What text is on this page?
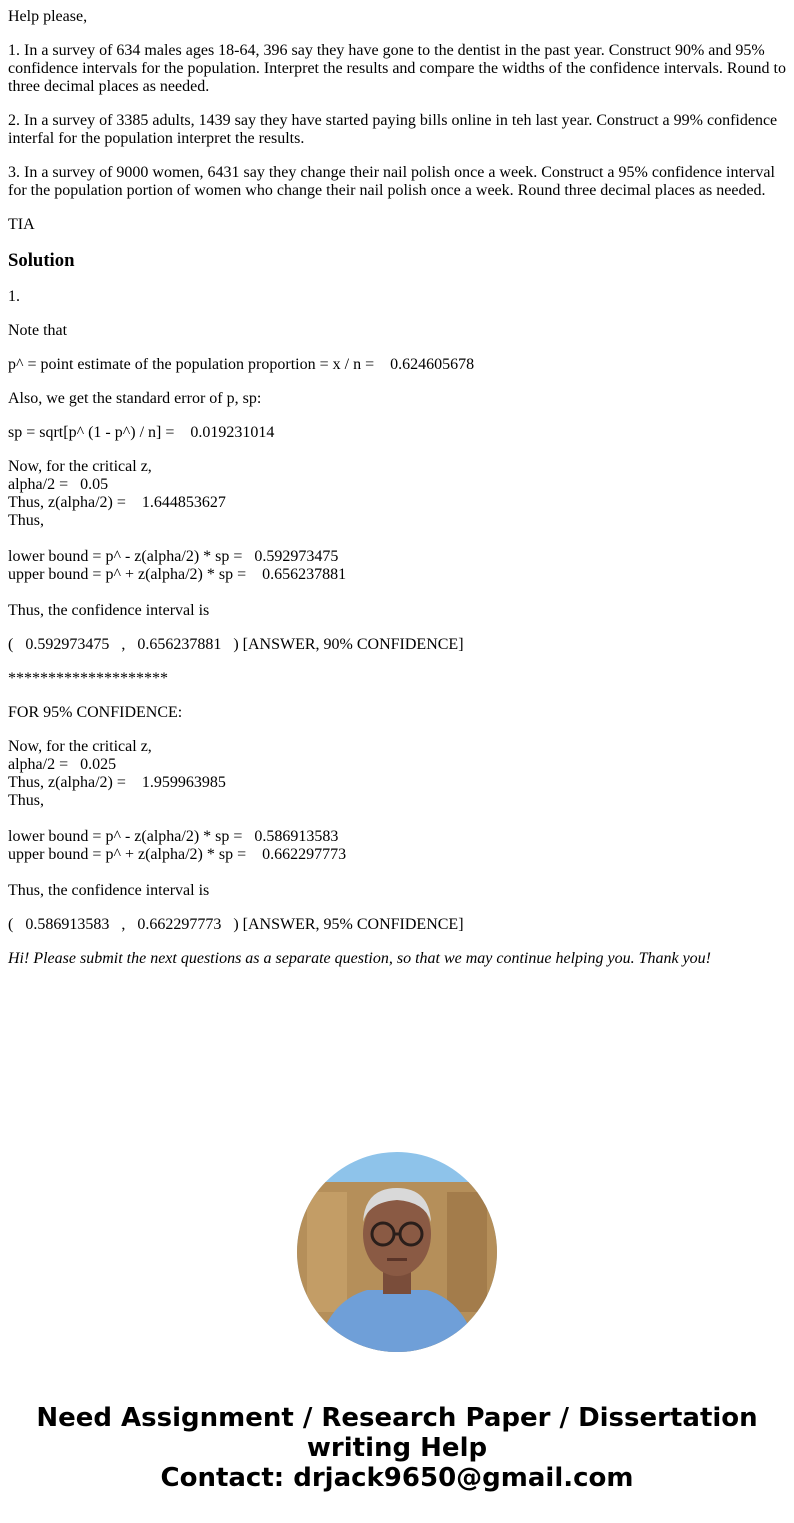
Help please,

1. In a survey of 634 males ages 18-64, 396 say they have gone to the dentist in the past year. Construct 90% and 95% confidence intervals for the population. Interpret the results and compare the widths of the confidence intervals. Round to three decimal places as needed.

2. In a survey of 3385 adults, 1439 say they have started paying bills online in teh last year. Construct a 99% confidence interfal for the population interpret the results.

3. In a survey of 9000 women, 6431 say they change their nail polish once a week. Construct a 95% confidence interval for the population portion of women who change their nail polish once a week. Round three decimal places as needed.

TIA

Solution

1.

Note that

p^ = point estimate of the population proportion = x / n =    0.624605678

Also, we get the standard error of p, sp:

sp = sqrt[p^ (1 - p^) / n] =    0.019231014

Now, for the critical z,
alpha/2 =   0.05
Thus, z(alpha/2) =    1.644853627
Thus,
lower bound = p^ - z(alpha/2) * sp =   0.592973475
upper bound = p^ + z(alpha/2) * sp =    0.656237881

Thus, the confidence interval is

(   0.592973475   ,   0.656237881   ) [ANSWER, 90% CONFIDENCE]

********************

FOR 95% CONFIDENCE:

Now, for the critical z,
alpha/2 =   0.025
Thus, z(alpha/2) =    1.959963985
Thus,
lower bound = p^ - z(alpha/2) * sp =   0.586913583
upper bound = p^ + z(alpha/2) * sp =    0.662297773

Thus, the confidence interval is

(   0.586913583   ,   0.662297773   ) [ANSWER, 95% CONFIDENCE]

Hi! Please submit the next questions as a separate question, so that we may continue helping you. Thank you!

Need Assignment / Research Paper / Dissertation
writing Help
Contact: drjack9650@gmail.com
